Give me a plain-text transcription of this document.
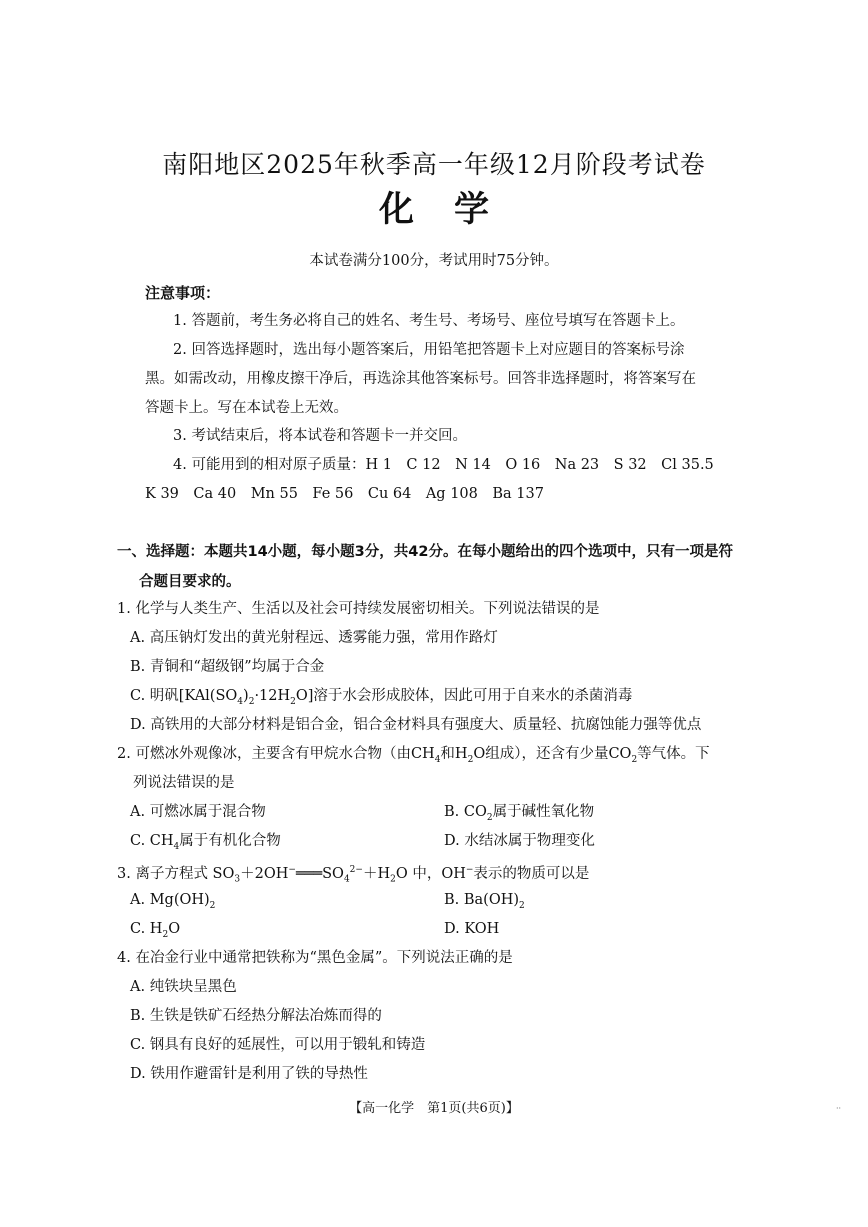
南阳地区2025年秋季高一年级12月阶段考试卷
化学
本试卷满分100分，考试用时75分钟。
注意事项：
1. 答题前，考生务必将自己的姓名、考生号、考场号、座位号填写在答题卡上。
2. 回答选择题时，选出每小题答案后，用铅笔把答题卡上对应题目的答案标号涂
黑。如需改动，用橡皮擦干净后，再选涂其他答案标号。回答非选择题时，将答案写在
答题卡上。写在本试卷上无效。
3. 考试结束后，将本试卷和答题卡一并交回。
4. 可能用到的相对原子质量：H 1　C 12　N 14　O 16　Na 23　S 32　Cl 35.5
K 39　Ca 40　Mn 55　Fe 56　Cu 64　Ag 108　Ba 137
一、选择题：本题共14小题，每小题3分，共42分。在每小题给出的四个选项中，只有一项是符
合题目要求的。
1. 化学与人类生产、生活以及社会可持续发展密切相关。下列说法错误的是
A. 高压钠灯发出的黄光射程远、透雾能力强，常用作路灯
B. 青铜和“超级钢”均属于合金
C. 明矾$[KAl(SO_4)_2\cdot 12H_2O]$溶于水会形成胶体，因此可用于自来水的杀菌消毒
D. 高铁用的大部分材料是铝合金，铝合金材料具有强度大、质量轻、抗腐蚀能力强等优点
2. 可燃冰外观像冰，主要含有甲烷水合物（由$CH_4$和$H_2O$组成），还含有少量$CO_2$等气体。下
列说法错误的是
A. 可燃冰属于混合物	B. $CO_2$属于碱性氧化物
C. $CH_4$属于有机化合物	D. 水结冰属于物理变化
3. 离子方程式 $SO_3+2OH^-═══SO_4^{2-}+H_2O$ 中，OH−表示的物质可以是
A. $Mg(OH)_2$	B. $Ba(OH)_2$
C. $H_2O$	D. KOH
4. 在冶金行业中通常把铁称为“黑色金属”。下列说法正确的是
A. 纯铁块呈黑色
B. 生铁是铁矿石经热分解法冶炼而得的
C. 钢具有良好的延展性，可以用于锻轧和铸造
D. 铁用作避雷针是利用了铁的导热性
【高一化学　第1页(共6页)】	··
